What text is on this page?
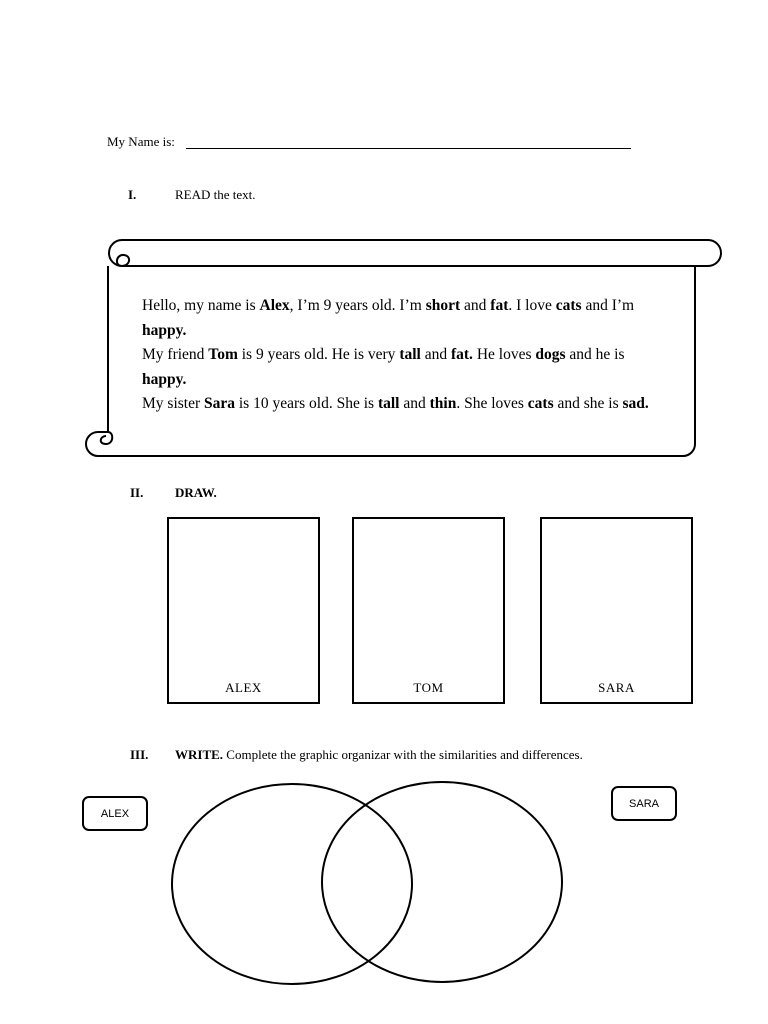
My Name is:
I.	READ the text.

Hello, my name is Alex, I’m 9 years old. I’m short and fat. I love cats and I’m happy.

My friend Tom is 9 years old. He is very tall and fat. He loves dogs and he is happy.

My sister Sara is 10 years old. She is tall and thin. She loves cats and she is sad.

II. DRAW.
ALEX	TOM	SARA
III. WRITE. Complete the graphic organizar with the similarities and differences.
ALEX
SARA
